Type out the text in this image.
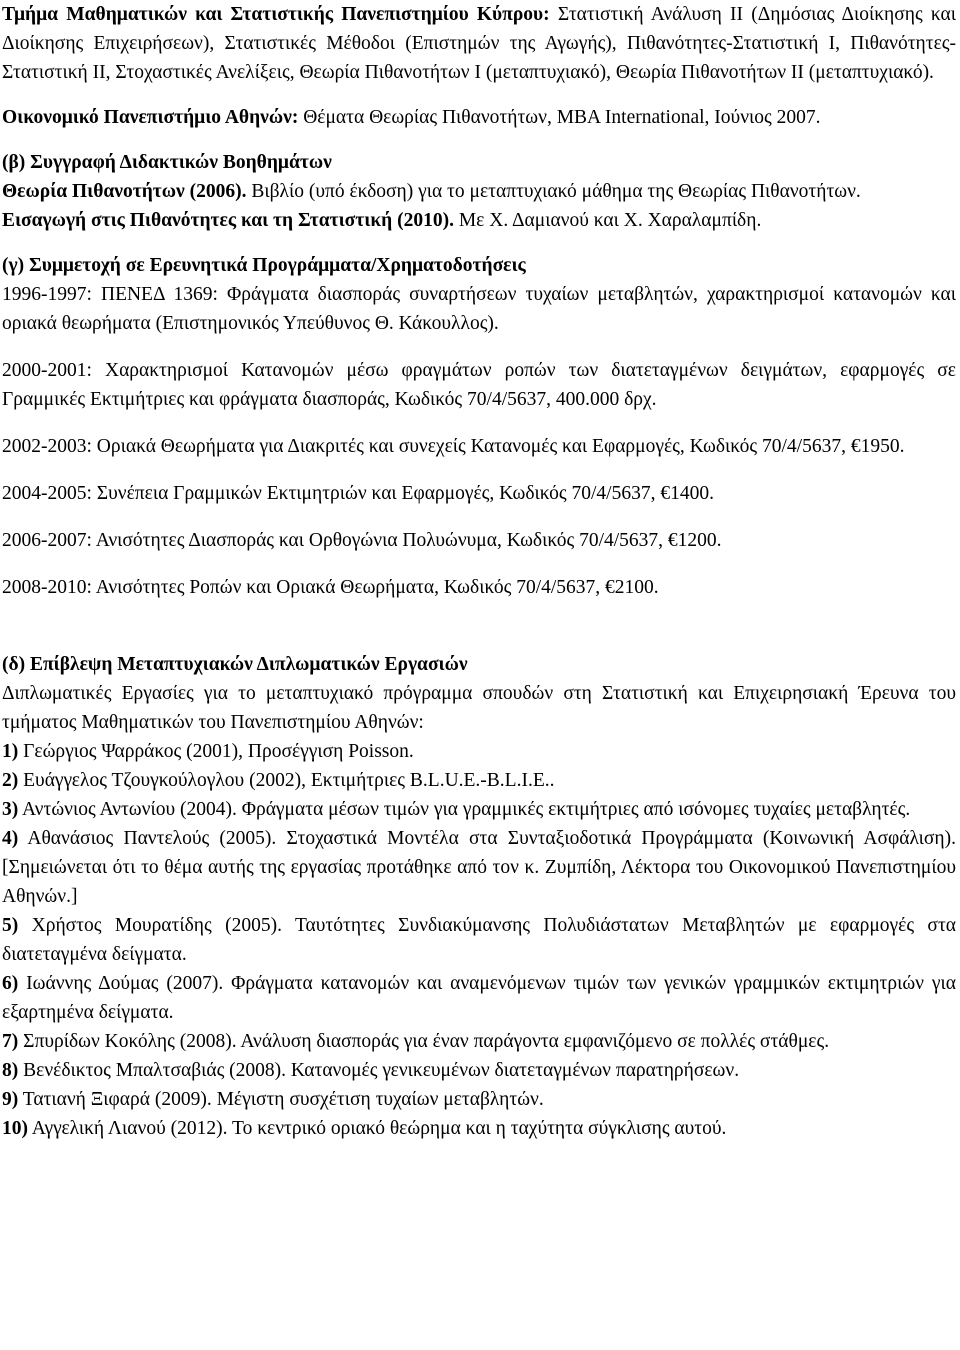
Τμήμα Μαθηματικών και Στατιστικής Πανεπιστημίου Κύπρου: Στατιστική Ανάλυση ΙΙ (Δημόσιας Διοίκησης και Διοίκησης Επιχειρήσεων), Στατιστικές Μέθοδοι (Επιστημών της Αγωγής), Πιθανότητες-Στατιστική Ι, Πιθανότητες-Στατιστική ΙΙ, Στοχαστικές Ανελίξεις, Θεωρία Πιθανοτήτων Ι (μεταπτυχιακό), Θεωρία Πιθανοτήτων ΙΙ (μεταπτυχιακό).

Οικονομικό Πανεπιστήμιο Αθηνών: Θέματα Θεωρίας Πιθανοτήτων, MBA International, Ιούνιος 2007.

(β) Συγγραφή Διδακτικών Βοηθημάτων

Θεωρία Πιθανοτήτων (2006). Βιβλίο (υπό έκδοση) για το μεταπτυχιακό μάθημα της Θεωρίας Πιθανοτήτων.

Εισαγωγή στις Πιθανότητες και τη Στατιστική (2010). Με Χ. Δαμιανού και Χ. Χαραλαμπίδη.

(γ) Συμμετοχή σε Ερευνητικά Προγράμματα/Χρηματοδοτήσεις

1996-1997: ΠΕΝΕΔ 1369: Φράγματα διασποράς συναρτήσεων τυχαίων μεταβλητών, χαρακτηρισμοί κατανομών και οριακά θεωρήματα (Επιστημονικός Υπεύθυνος Θ. Κάκουλλος).

2000-2001: Χαρακτηρισμοί Κατανομών μέσω φραγμάτων ροπών των διατεταγμένων δειγμάτων, εφαρμογές σε Γραμμικές Εκτιμήτριες και φράγματα διασποράς, Κωδικός 70/4/5637, 400.000 δρχ.

2002-2003: Οριακά Θεωρήματα για Διακριτές και συνεχείς Κατανομές και Εφαρμογές, Κωδικός 70/4/5637, €1950.

2004-2005: Συνέπεια Γραμμικών Εκτιμητριών και Εφαρμογές, Κωδικός 70/4/5637, €1400.

2006-2007: Ανισότητες Διασποράς και Ορθογώνια Πολυώνυμα, Κωδικός 70/4/5637, €1200.

2008-2010: Ανισότητες Ροπών και Οριακά Θεωρήματα, Κωδικός 70/4/5637, €2100.

(δ) Επίβλεψη Μεταπτυχιακών Διπλωματικών Εργασιών

Διπλωματικές Εργασίες για το μεταπτυχιακό πρόγραμμα σπουδών στη Στατιστική και Επιχειρησιακή Έρευνα του τμήματος Μαθηματικών του Πανεπιστημίου Αθηνών:

1) Γεώργιος Ψαρράκος (2001), Προσέγγιση Poisson.

2) Ευάγγελος Τζουγκούλογλου (2002), Εκτιμήτριες B.L.U.E.-B.L.I.E..

3) Αντώνιος Αντωνίου (2004). Φράγματα μέσων τιμών για γραμμικές εκτιμήτριες από ισόνομες τυχαίες μεταβλητές.

4) Αθανάσιος Παντελούς (2005). Στοχαστικά Μοντέλα στα Συνταξιοδοτικά Προγράμματα (Κοινωνική Ασφάλιση). [Σημειώνεται ότι το θέμα αυτής της εργασίας προτάθηκε από τον κ. Ζυμπίδη, Λέκτορα του Οικονομικού Πανεπιστημίου Αθηνών.]

5) Χρήστος Μουρατίδης (2005). Ταυτότητες Συνδιακύμανσης Πολυδιάστατων Μεταβλητών με εφαρμογές στα διατεταγμένα δείγματα.

6) Ιωάννης Δούμας (2007). Φράγματα κατανομών και αναμενόμενων τιμών των γενικών γραμμικών εκτιμητριών για εξαρτημένα δείγματα.

7) Σπυρίδων Κοκόλης (2008). Ανάλυση διασποράς για έναν παράγοντα εμφανιζόμενο σε πολλές στάθμες.

8) Βενέδικτος Μπαλτσαβιάς (2008). Κατανομές γενικευμένων διατεταγμένων παρατηρήσεων.

9) Τατιανή Ξιφαρά (2009). Μέγιστη συσχέτιση τυχαίων μεταβλητών.

10) Αγγελική Λιανού (2012). Το κεντρικό οριακό θεώρημα και η ταχύτητα σύγκλισης αυτού.
